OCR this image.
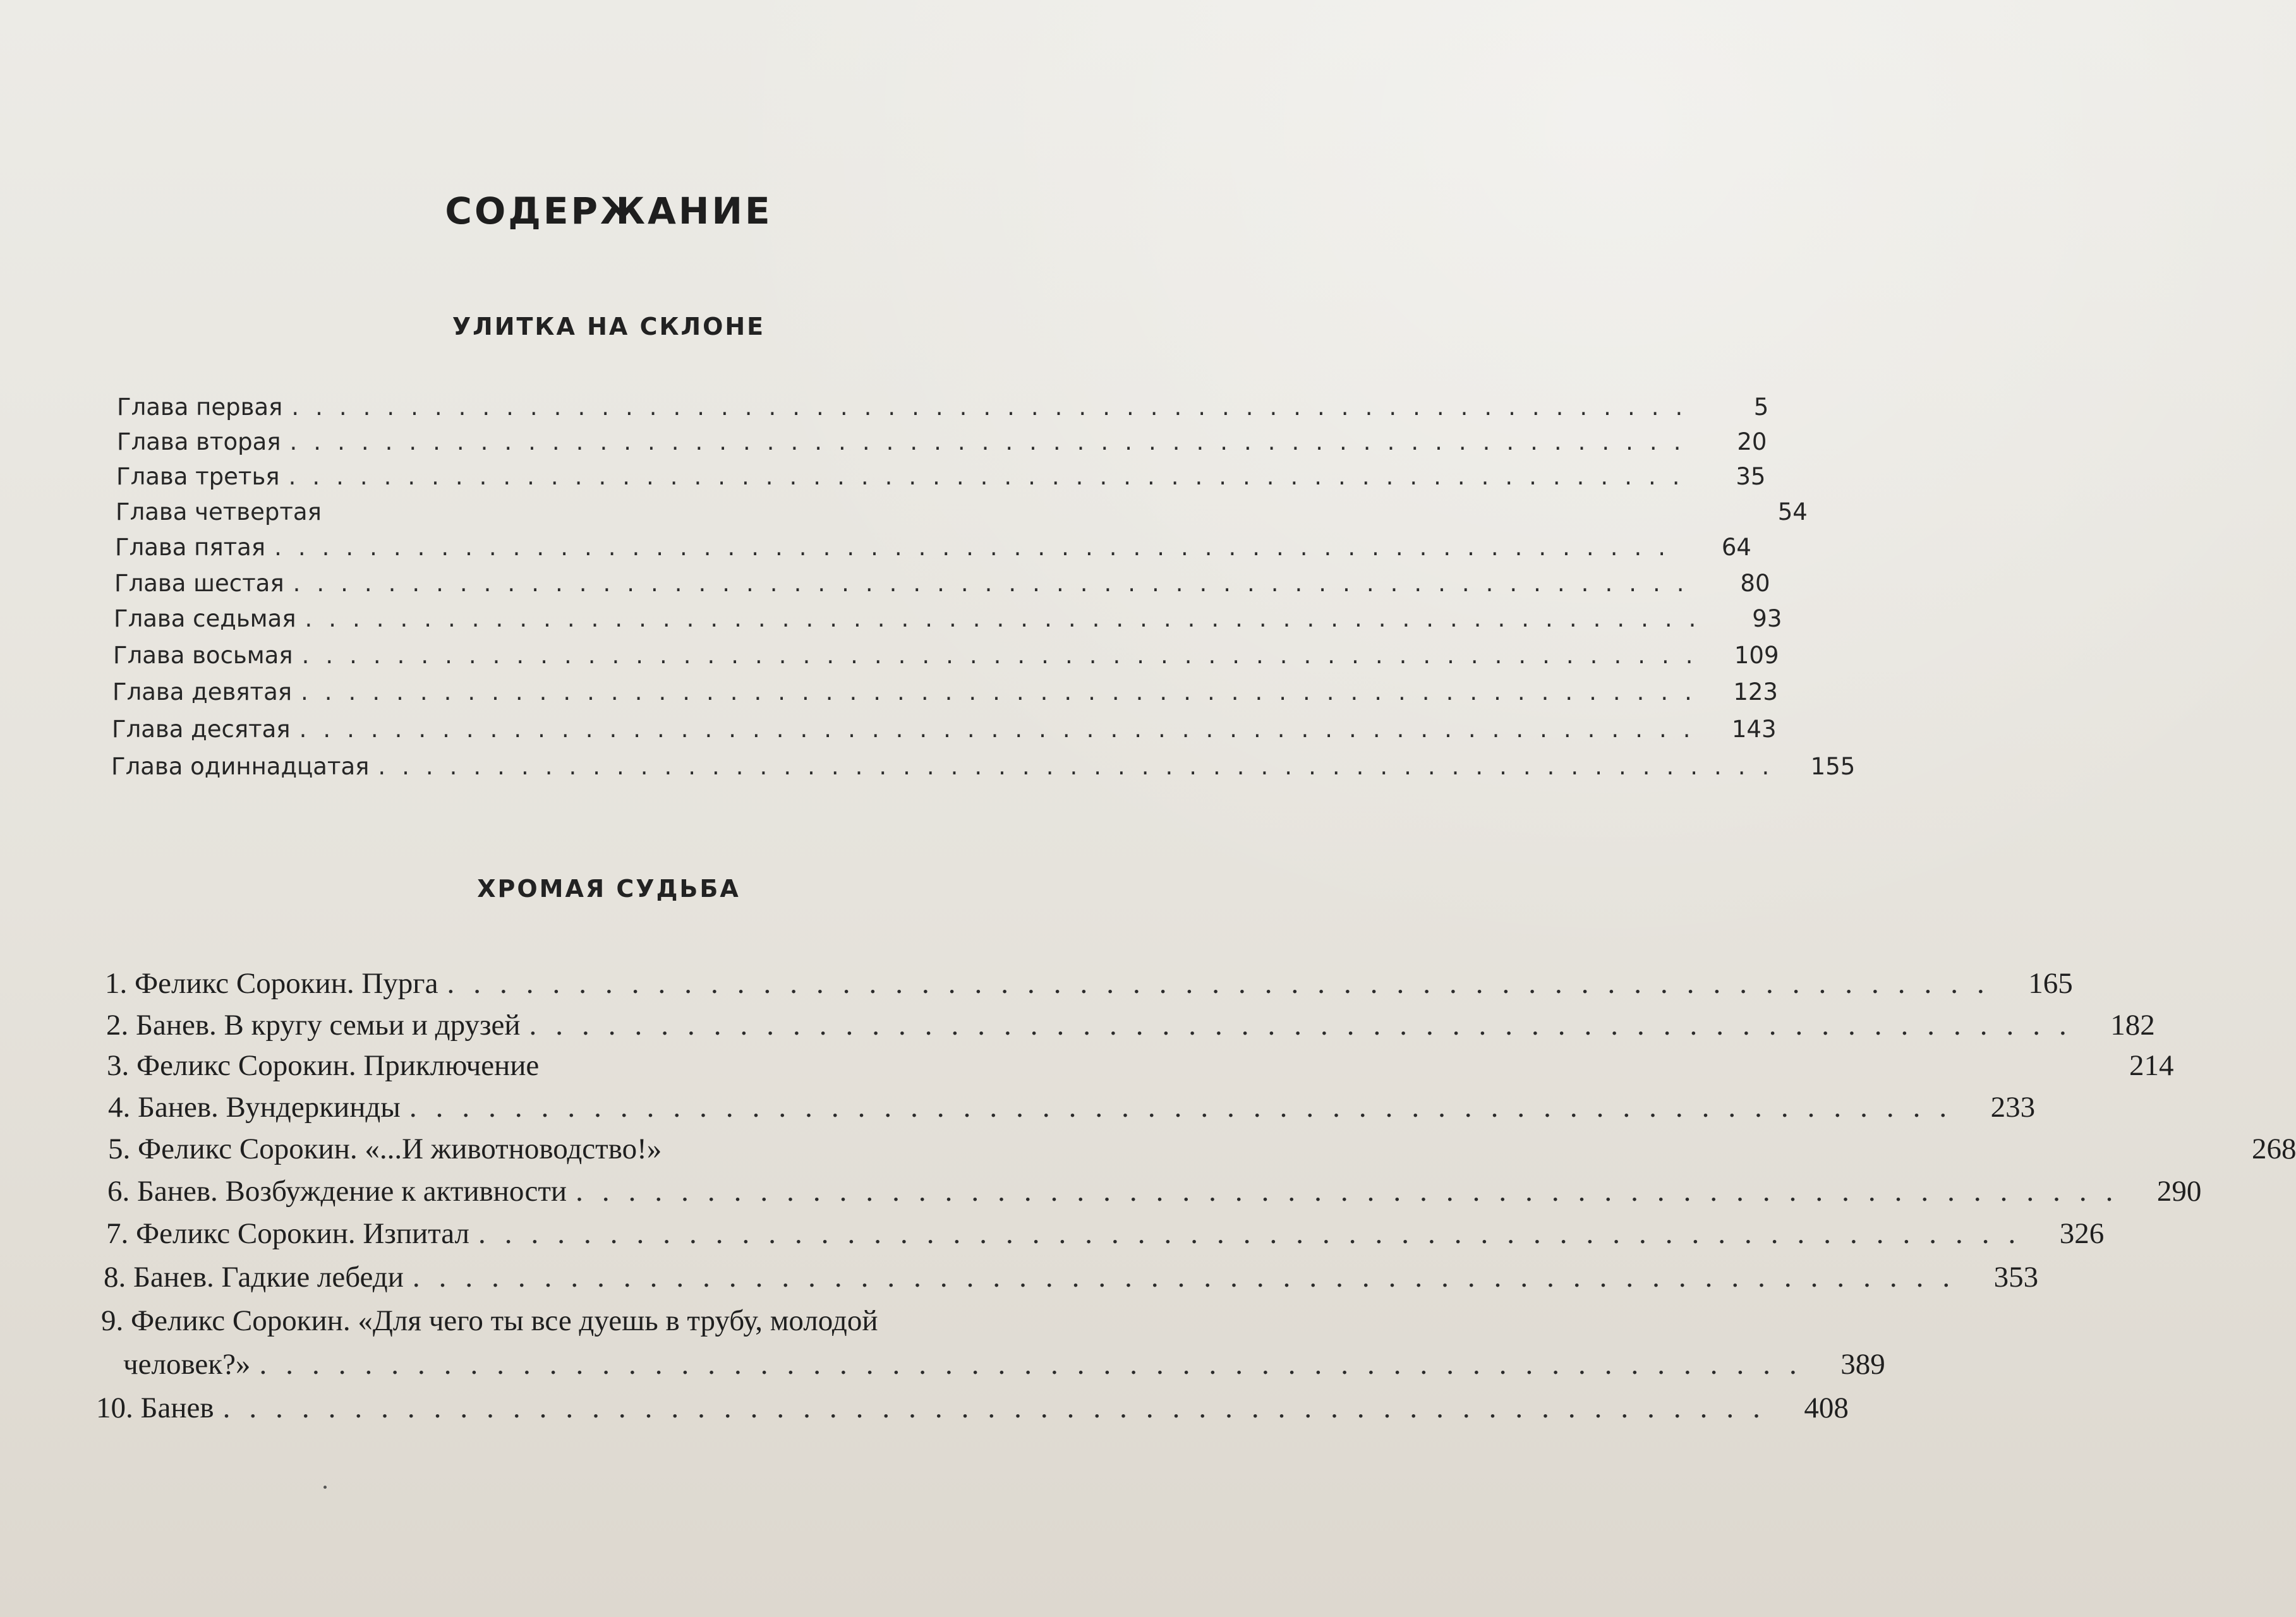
СОДЕРЖАНИЕ
УЛИТКА НА СКЛОНЕ
Глава первая ...........................................................	5
Глава вторая ...........................................................	20
Глава третья ...........................................................	35
Глава четвертая	54
Глава пятая ...........................................................	64
Глава шестая ...........................................................	80
Глава седьмая ...........................................................	93
Глава восьмая ...........................................................	109
Глава девятая ...........................................................	123
Глава десятая ...........................................................	143
Глава одиннадцатая ...........................................................	155
ХРОМАЯ СУДЬБА
1. Феликс Сорокин. Пурга ........................................................... 165
2. Банев. В кругу семьи и друзей ........................................................... 182
3. Феликс Сорокин. Приключение	214
4. Банев. Вундеркинды ........................................................... 233
5. Феликс Сорокин. «...И животноводство!»	268
6. Банев. Возбуждение к активности ........................................................... 290
7. Феликс Сорокин. Изпитал ........................................................... 326
8. Банев. Гадкие лебеди ........................................................... 353
9. Феликс Сорокин. «Для чего ты все дуешь в трубу, молодой
человек?» ........................................................... 389
10. Банев ........................................................... 408
